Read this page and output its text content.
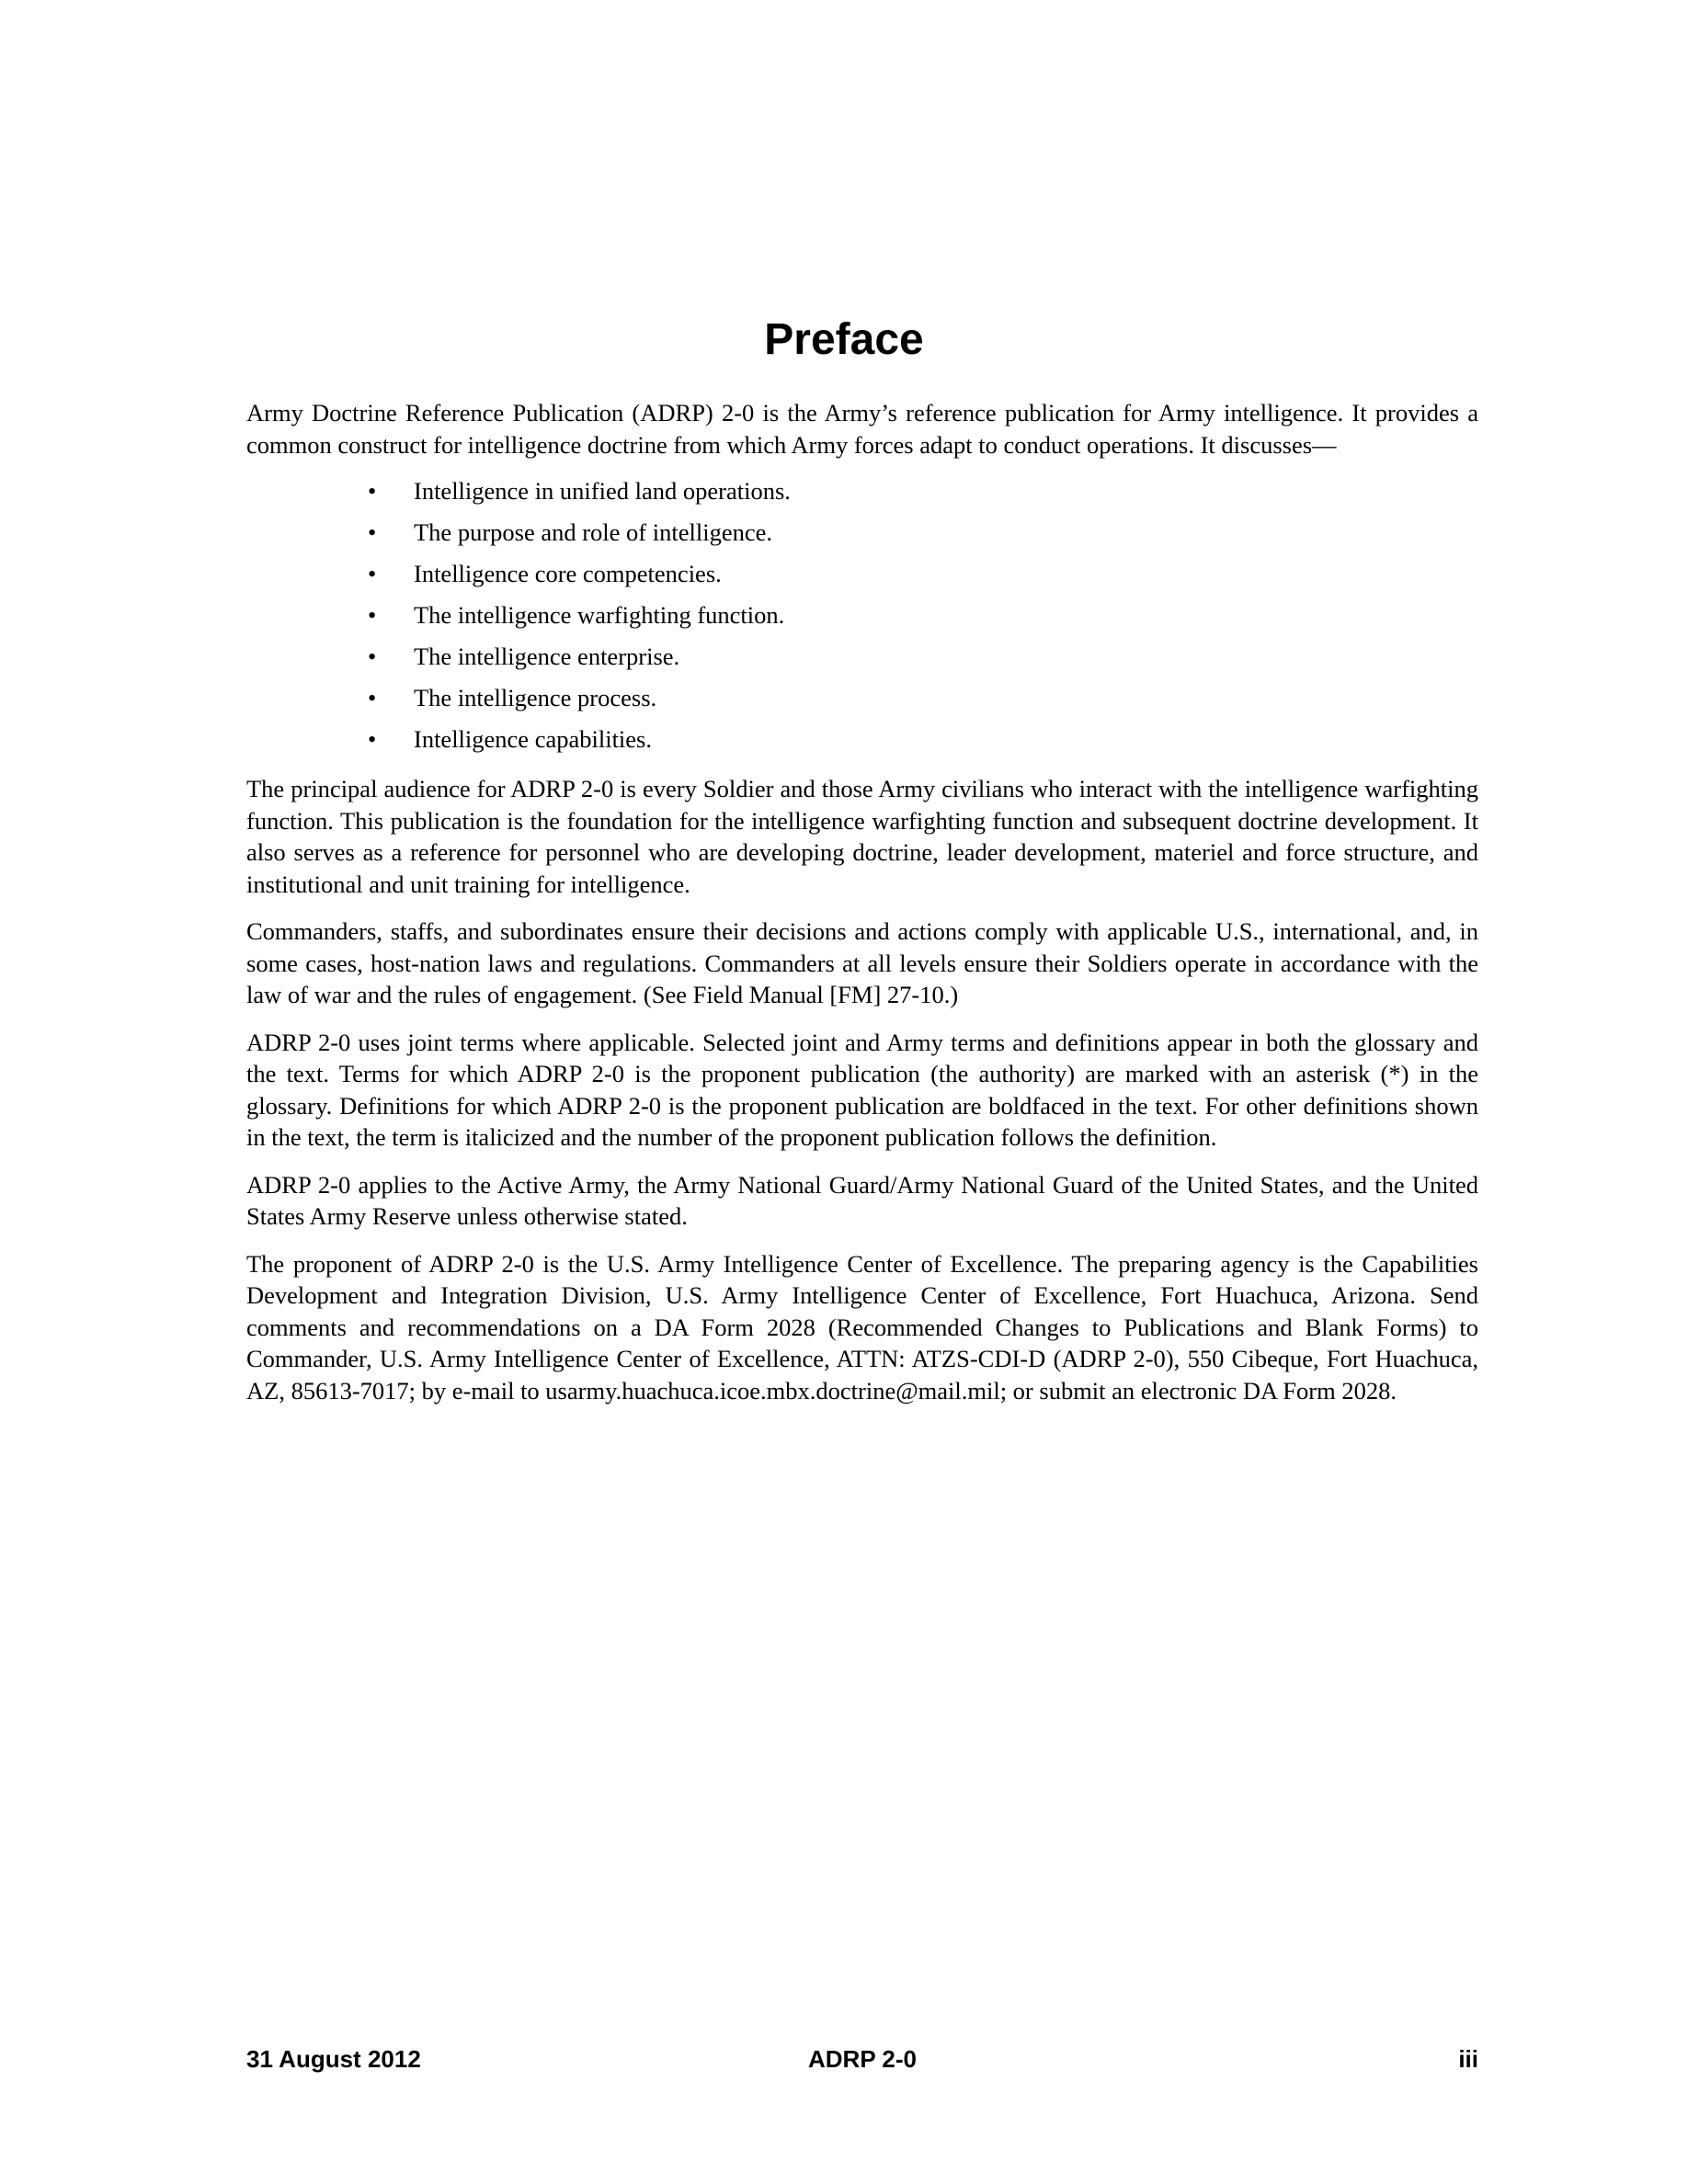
Preface

Army Doctrine Reference Publication (ADRP) 2-0 is the Army’s reference publication for Army intelligence. It provides a common construct for intelligence doctrine from which Army forces adapt to conduct operations. It discusses—

• Intelligence in unified land operations.
• The purpose and role of intelligence.
• Intelligence core competencies.
• The intelligence warfighting function.
• The intelligence enterprise.
• The intelligence process.
• Intelligence capabilities.

The principal audience for ADRP 2-0 is every Soldier and those Army civilians who interact with the intelligence warfighting function. This publication is the foundation for the intelligence warfighting function and subsequent doctrine development. It also serves as a reference for personnel who are developing doctrine, leader development, materiel and force structure, and institutional and unit training for intelligence.

Commanders, staffs, and subordinates ensure their decisions and actions comply with applicable U.S., international, and, in some cases, host-nation laws and regulations. Commanders at all levels ensure their Soldiers operate in accordance with the law of war and the rules of engagement. (See Field Manual [FM] 27-10.)

ADRP 2-0 uses joint terms where applicable. Selected joint and Army terms and definitions appear in both the glossary and the text. Terms for which ADRP 2-0 is the proponent publication (the authority) are marked with an asterisk (*) in the glossary. Definitions for which ADRP 2-0 is the proponent publication are boldfaced in the text. For other definitions shown in the text, the term is italicized and the number of the proponent publication follows the definition.

ADRP 2-0 applies to the Active Army, the Army National Guard/Army National Guard of the United States, and the United States Army Reserve unless otherwise stated.

The proponent of ADRP 2-0 is the U.S. Army Intelligence Center of Excellence. The preparing agency is the Capabilities Development and Integration Division, U.S. Army Intelligence Center of Excellence, Fort Huachuca, Arizona. Send comments and recommendations on a DA Form 2028 (Recommended Changes to Publications and Blank Forms) to Commander, U.S. Army Intelligence Center of Excellence, ATTN: ATZS-CDI-D (ADRP 2-0), 550 Cibeque, Fort Huachuca, AZ, 85613-7017; by e-mail to usarmy.huachuca.icoe.mbx.doctrine@mail.mil; or submit an electronic DA Form 2028.

31 August 2012	ADRP 2-0	iii
